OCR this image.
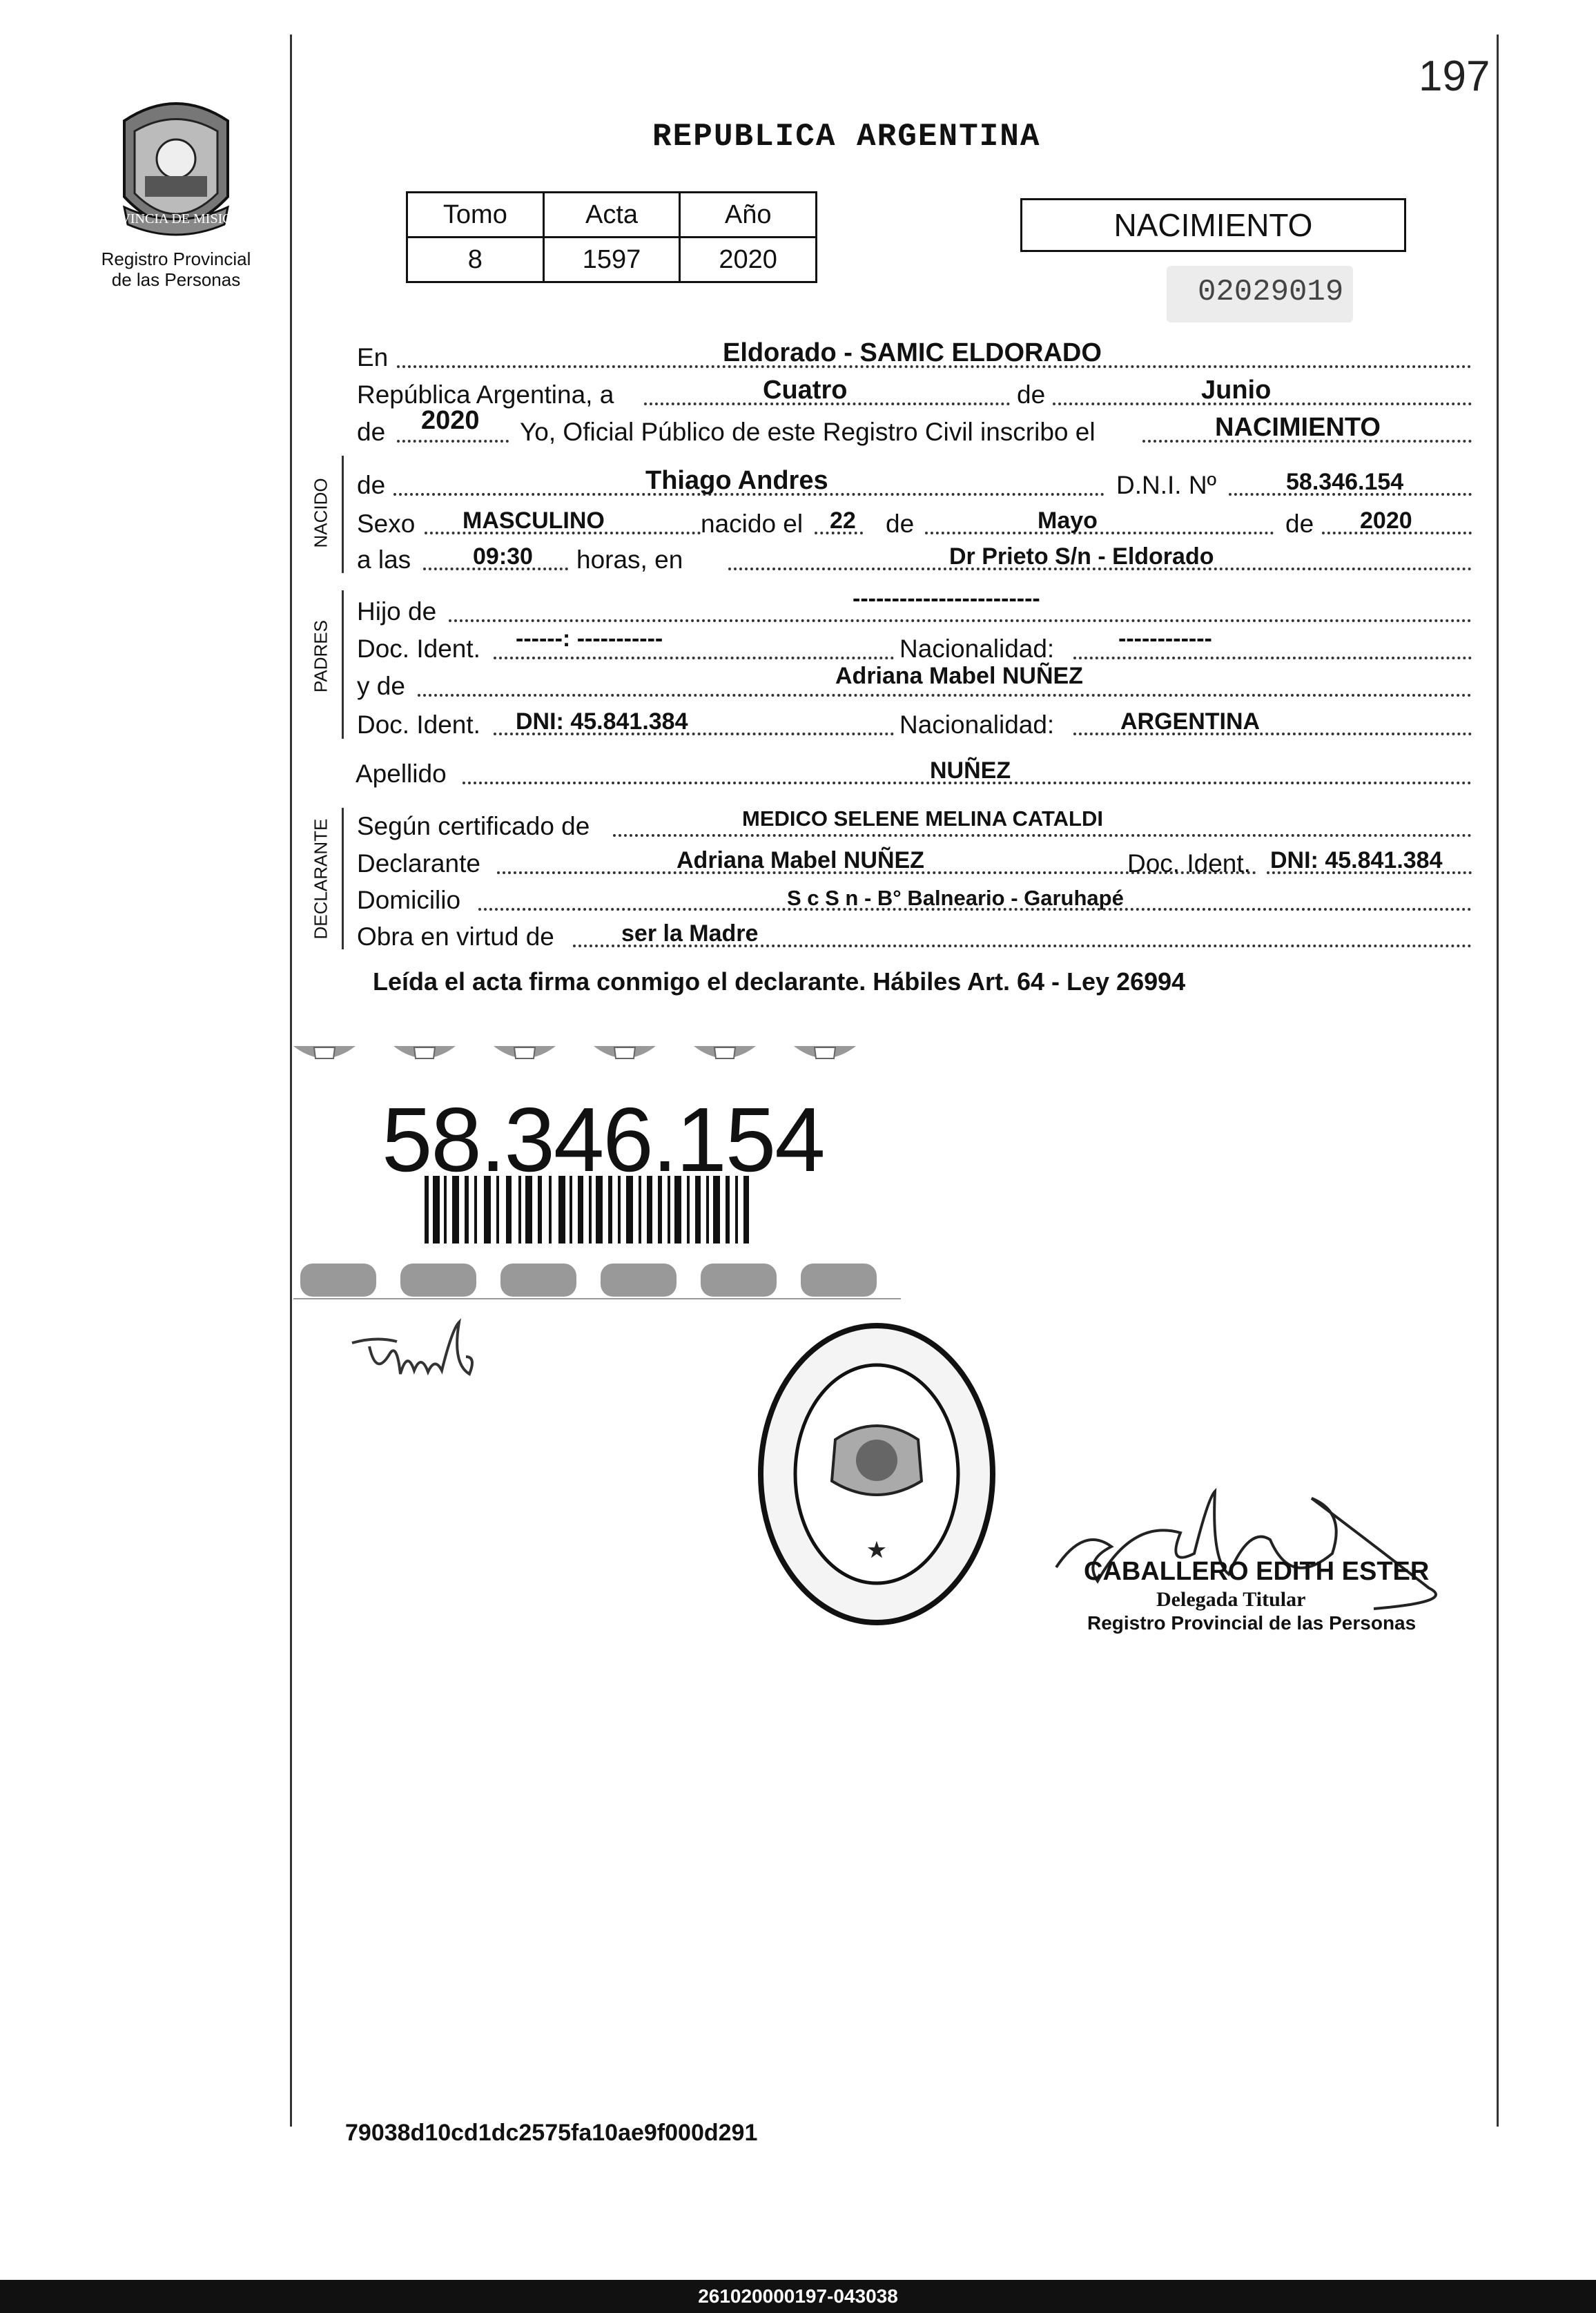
197
PROVINCIA DE MISIONES
Registro Provincial
de las Personas
REPUBLICA ARGENTINA
Tomo	Acta	Año
8	1597	2020
NACIMIENTO
02029019
En	Eldorado - SAMIC ELDORADO
República Argentina, a	Cuatro	de	Junio
de 2020 Yo, Oficial Público de este Registro Civil inscribo el	NACIMIENTO
NACIDO de	Thiago Andres	D.N.I. Nº	58.346.154
Sexo MASCULINO	nacido el 22 de	Mayo	de 2020
a las	09:30 horas, en	Dr Prieto S/n - Eldorado
PADRES
Hijo de	------------------------
Doc. Ident. ------: -----------	Nacionalidad:	------------
y de	Adriana Mabel NUÑEZ
Doc. Ident. DNI: 45.841.384	Nacionalidad:	ARGENTINA
Apellido	NUÑEZ
DECLARANTE Según certificado de	MEDICO SELENE MELINA CATALDI
Declarante	Adriana Mabel NUÑEZ	Doc. Ident. DNI: 45.841.384
Domicilio	S c S n - B° Balneario - Garuhapé
Obra en virtud de	ser la Madre
Leída el acta firma conmigo el declarante. Hábiles Art. 64 - Ley 26994
58.346.154
★
CABALLERO EDITH ESTER
Delegada Titular
Registro Provincial de las Personas
79038d10cd1dc2575fa10ae9f000d291
261020000197-043038
